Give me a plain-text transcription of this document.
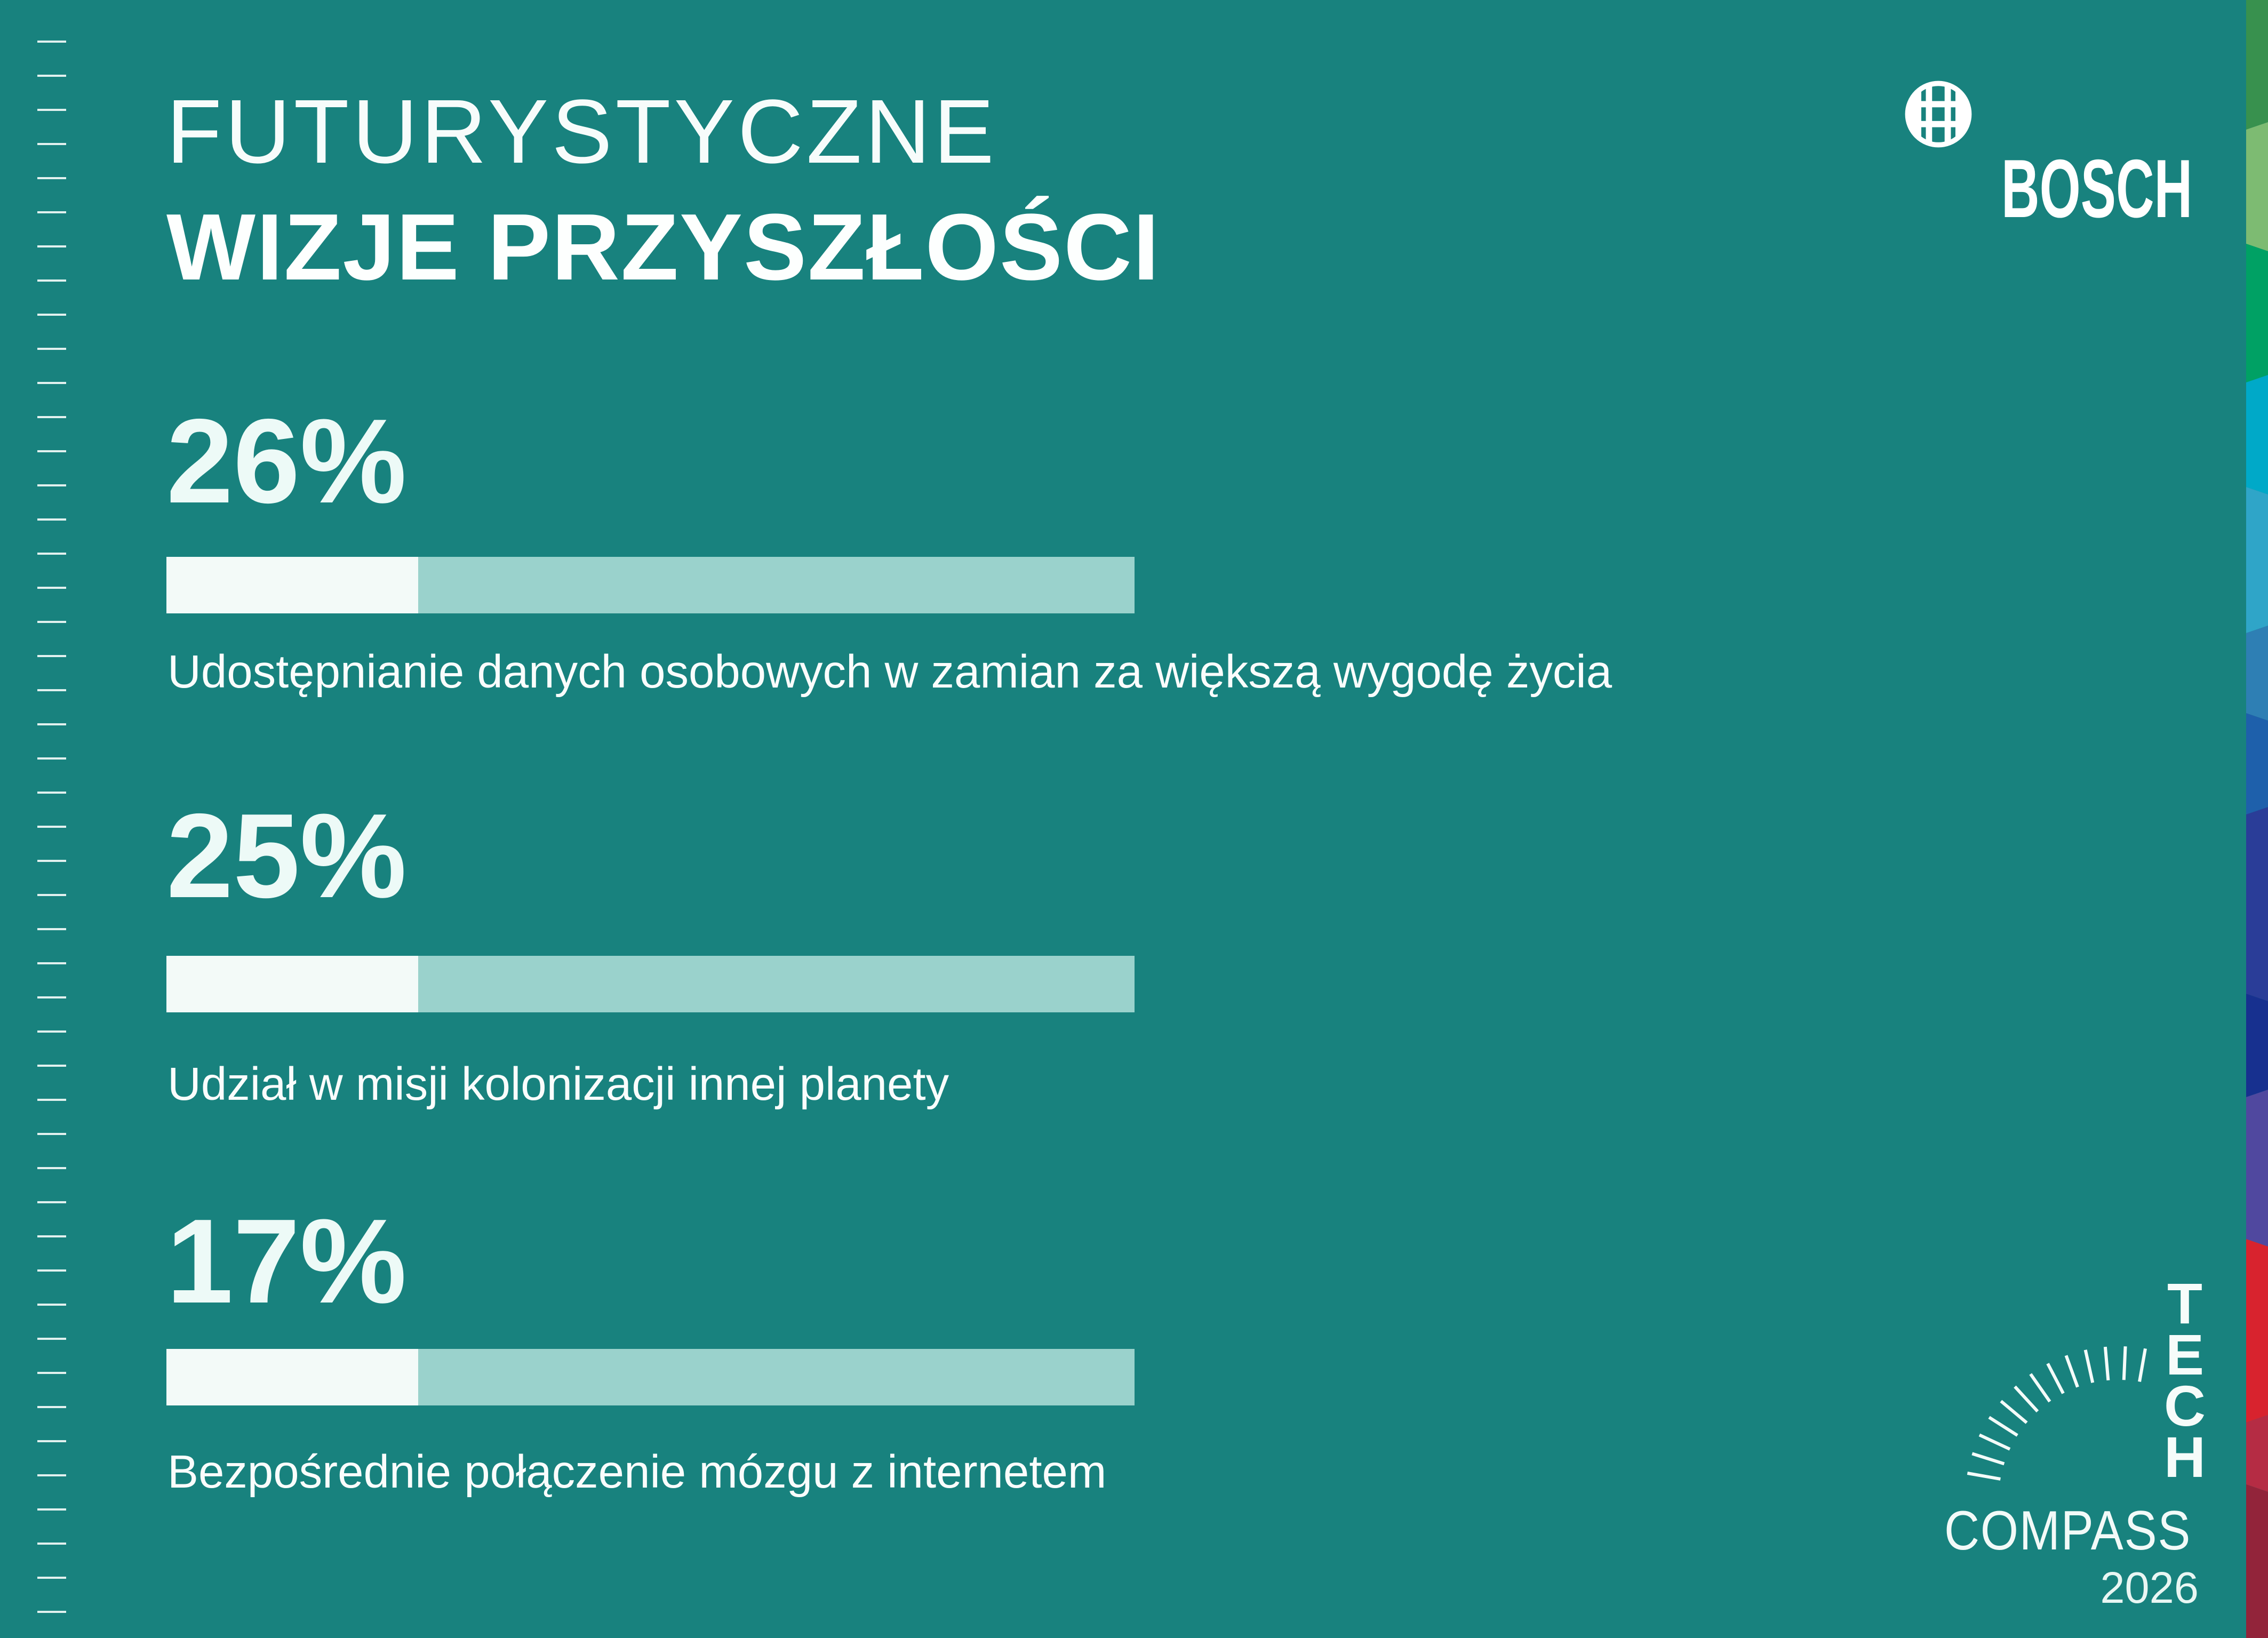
FUTURYSTYCZNE
WIZJE PRZYSZŁOŚCI
BOSCH
26%
Udostępnianie danych osobowych w zamian za większą wygodę życia
25%
Udział w misji kolonizacji innej planety
17%
Bezpośrednie połączenie mózgu z internetem
T
E
C
H
COMPASS
2026
